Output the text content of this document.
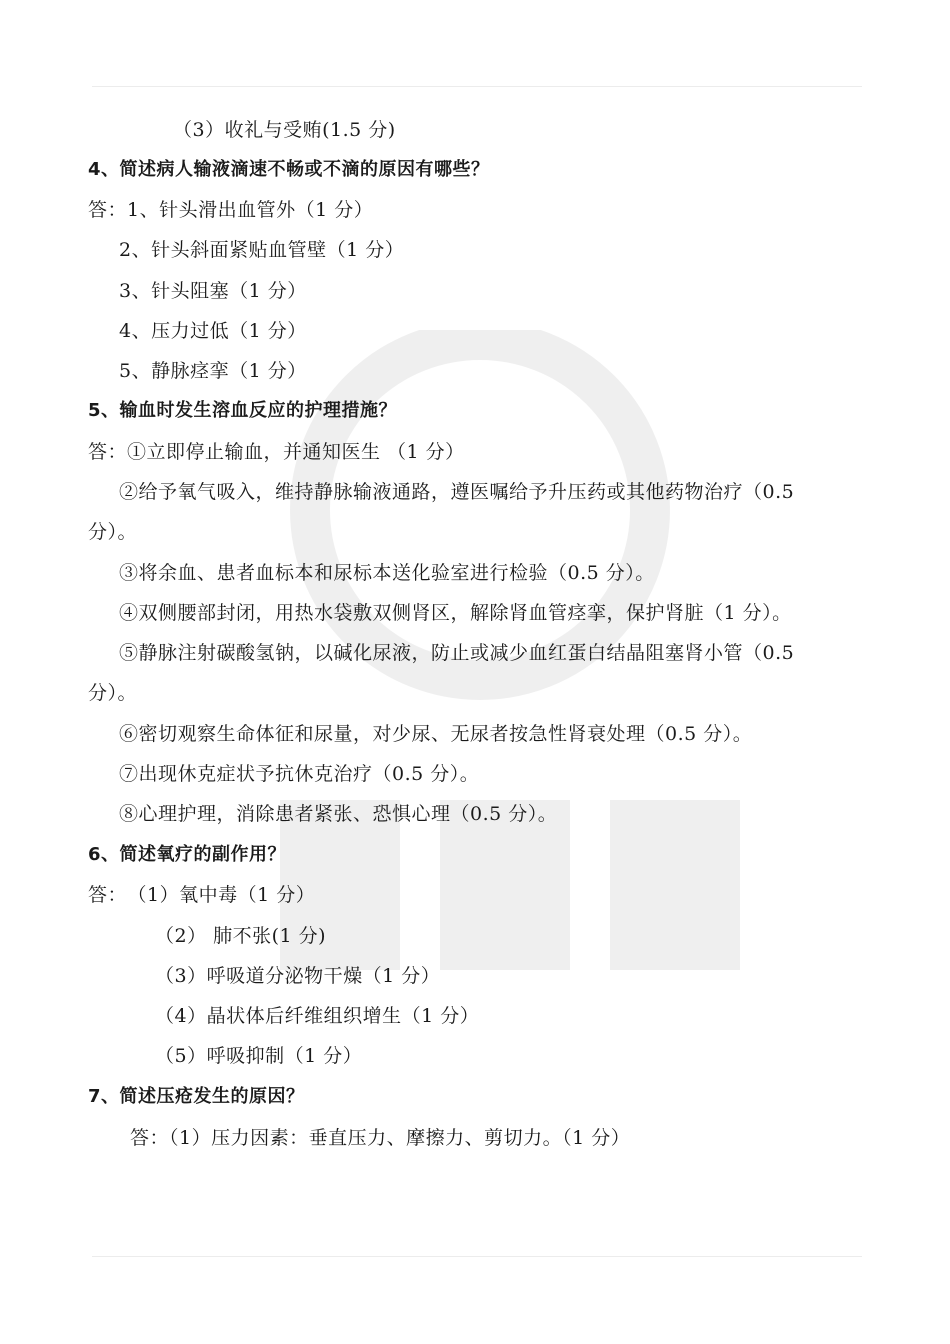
（3）收礼与受贿(1.5 分)
4、简述病人输液滴速不畅或不滴的原因有哪些？
答：1、针头滑出血管外（1 分）
2、针头斜面紧贴血管壁（1 分）
3、针头阻塞（1 分）
4、压力过低（1 分）
5、静脉痉挛（1 分）
5、输血时发生溶血反应的护理措施？
答：①立即停止输血，并通知医生 （1 分）
②给予氧气吸入，维持静脉输液通路，遵医嘱给予升压药或其他药物治疗（0.5
分）。
③将余血、患者血标本和尿标本送化验室进行检验（0.5 分）。
④双侧腰部封闭，用热水袋敷双侧肾区，解除肾血管痉挛，保护肾脏（1 分）。
⑤静脉注射碳酸氢钠，以碱化尿液，防止或减少血红蛋白结晶阻塞肾小管（0.5
分）。
⑥密切观察生命体征和尿量，对少尿、无尿者按急性肾衰处理（0.5 分）。
⑦出现休克症状予抗休克治疗（0.5 分）。
⑧心理护理，消除患者紧张、恐惧心理（0.5 分）。
6、简述氧疗的副作用？
答：　（1）氧中毒（1 分）
（2） 肺不张(1 分)
（3）呼吸道分泌物干燥（1 分）
（4）晶状体后纤维组织增生（1 分）
（5）呼吸抑制（1 分）
7、简述压疮发生的原因？
答：（1）压力因素：垂直压力、摩擦力、剪切力。（1 分）
